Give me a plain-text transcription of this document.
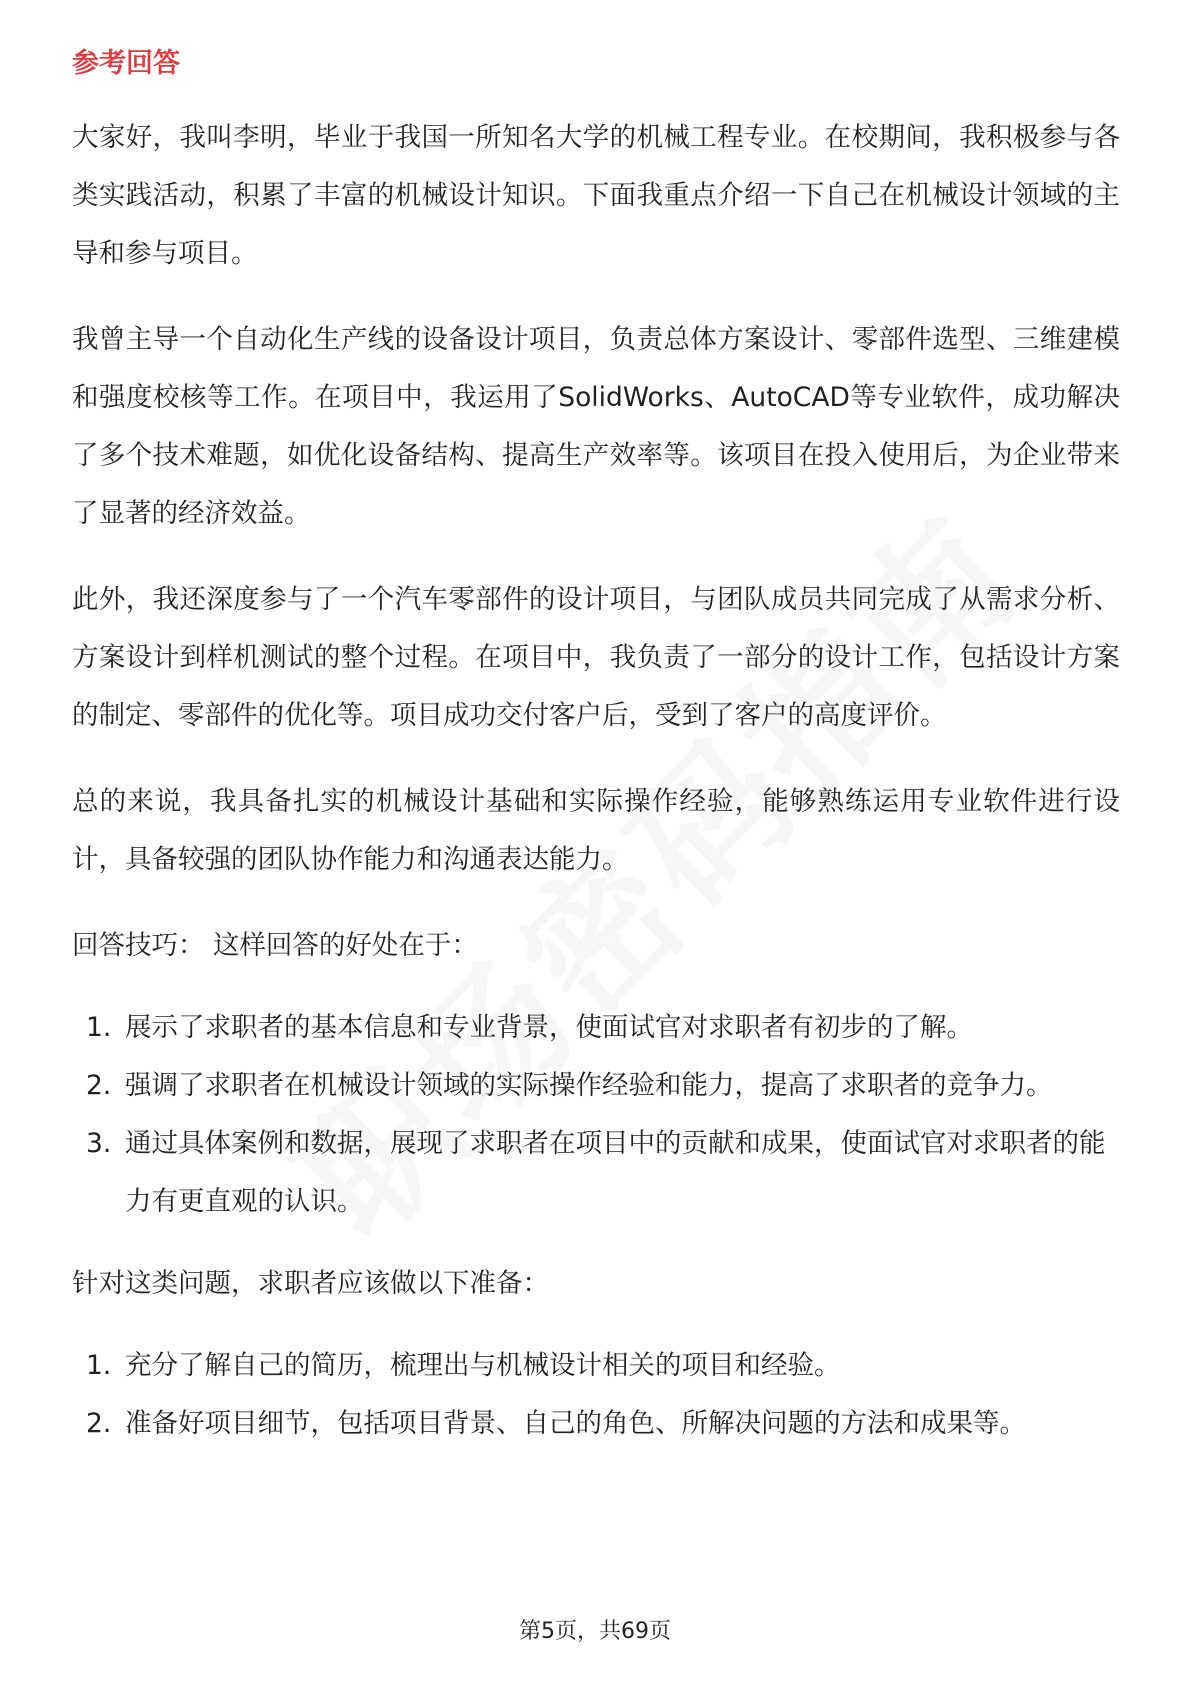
参考回答

大家好，我叫李明，毕业于我国一所知名大学的机械工程专业。在校期间，我积极参与各类实践活动，积累了丰富的机械设计知识。下面我重点介绍一下自己在机械设计领域的主导和参与项目。

我曾主导一个自动化生产线的设备设计项目，负责总体方案设计、零部件选型、三维建模和强度校核等工作。在项目中，我运用了SolidWorks、AutoCAD等专业软件，成功解决了多个技术难题，如优化设备结构、提高生产效率等。该项目在投入使用后，为企业带来了显著的经济效益。

此外，我还深度参与了一个汽车零部件的设计项目，与团队成员共同完成了从需求分析、方案设计到样机测试的整个过程。在项目中，我负责了一部分的设计工作，包括设计方案的制定、零部件的优化等。项目成功交付客户后，受到了客户的高度评价。

总的来说，我具备扎实的机械设计基础和实际操作经验，能够熟练运用专业软件进行设计，具备较强的团队协作能力和沟通表达能力。

回答技巧： 这样回答的好处在于：

1. 展示了求职者的基本信息和专业背景，使面试官对求职者有初步的了解。
2. 强调了求职者在机械设计领域的实际操作经验和能力，提高了求职者的竞争力。
3. 通过具体案例和数据，展现了求职者在项目中的贡献和成果，使面试官对求职者的能力有更直观的认识。

针对这类问题，求职者应该做以下准备：

1. 充分了解自己的简历，梳理出与机械设计相关的项目和经验。
2. 准备好项目细节，包括项目背景、自己的角色、所解决问题的方法和成果等。
第5页，共69页
